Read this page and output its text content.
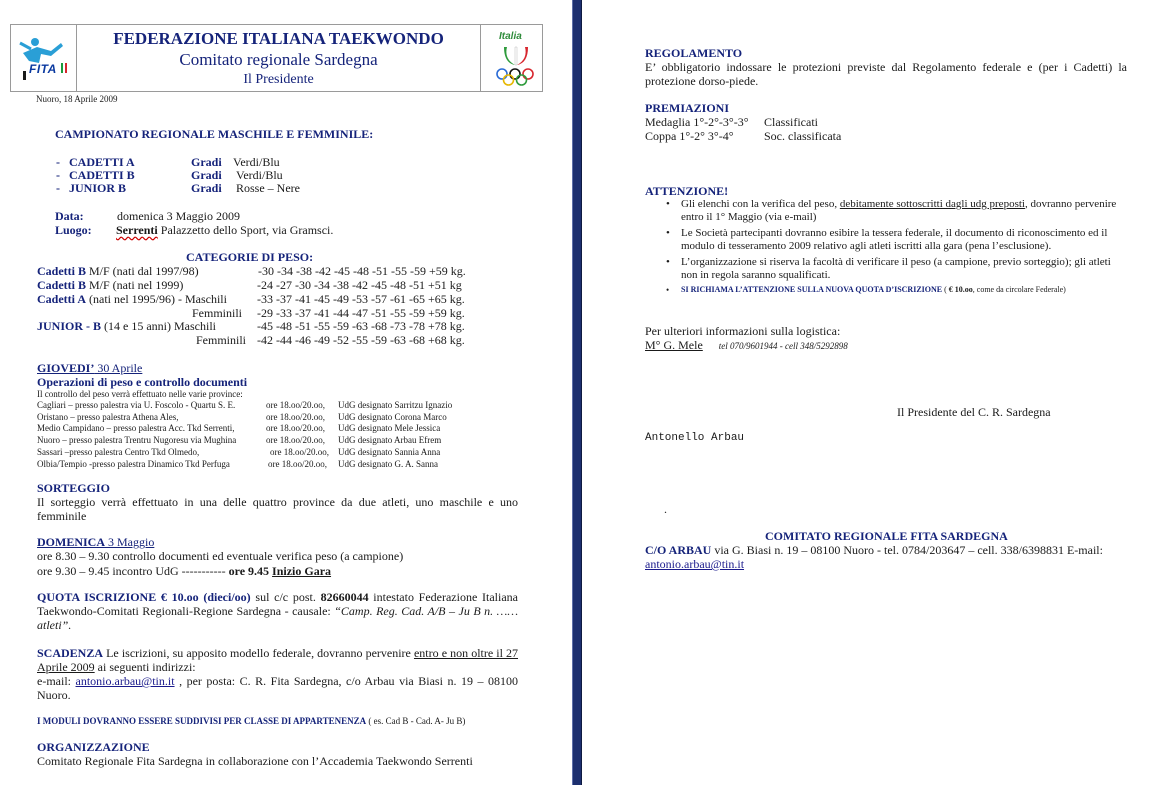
FITA
FEDERAZIONE ITALIANA TAEKWONDO
Comitato regionale Sardegna
Il Presidente
Italia
Nuoro, 18 Aprile 2009
CAMPIONATO REGIONALE MASCHILE E FEMMINILE:
-   CADETTI A	Gradi Verdi/Blu
-   CADETTI B	Gradi Verdi/Blu
-   JUNIOR B	Gradi Rosse – Nere
Data:	domenica 3 Maggio 2009
Luogo: Serrenti Palazzetto dello Sport, via Gramsci.
CATEGORIE DI PESO:
Cadetti B M/F (nati dal 1997/98)	-30 -34 -38 -42 -45 -48 -51 -55 -59 +59 kg.
Cadetti B M/F (nati nel 1999)	-24 -27 -30 -34 -38 -42 -45 -48 -51 +51 kg
Cadetti A (nati nel 1995/96) - Maschili	-33 -37 -41 -45 -49 -53 -57 -61 -65 +65 kg.
Femminili -29 -33 -37 -41 -44 -47 -51 -55 -59 +59 kg.
JUNIOR - B (14 e 15 anni) Maschili	-45 -48 -51 -55 -59 -63 -68 -73 -78 +78 kg.
Femminili -42 -44 -46 -49 -52 -55 -59 -63 -68 +68 kg.
GIOVEDI’ 30 Aprile
Operazioni di peso e controllo documenti
Il controllo del peso verrà effettuato nelle varie province:
Cagliari – presso palestra via U. Foscolo - Quartu S. E.	ore 18.oo/20.oo, UdG designato Sarritzu Ignazio
Oristano – presso palestra Athena Ales,	ore 18.oo/20.oo, UdG designato Corona Marco
Medio Campidano – presso palestra Acc. Tkd Serrenti,	ore 18.oo/20.oo, UdG designato Mele Jessica
Nuoro – presso palestra Trentru Nugoresu via Mughina	ore 18.oo/20.oo, UdG designato Arbau Efrem
Sassari –presso palestra Centro Tkd Olmedo,	ore 18.oo/20.oo, UdG designato Sannia Anna
Olbia/Tempio -presso palestra Dinamico Tkd Perfuga	ore 18.oo/20.oo, UdG designato G. A. Sanna
SORTEGGIO
Il sorteggio verrà effettuato in una delle quattro province da due atleti, uno maschile e uno femminile
DOMENICA 3 Maggio
ore 8.30 – 9.30 controllo documenti ed eventuale verifica peso (a campione)
ore 9.30 – 9.45 incontro UdG ----------- ore 9.45 Inizio Gara
QUOTA ISCRIZIONE € 10.oo (dieci/oo) sul c/c post. 82660044 intestato Federazione Italiana Taekwondo-Comitati Regionali-Regione Sardegna - causale: “Camp. Reg. Cad. A/B – Ju B n. …… atleti”.
SCADENZA Le iscrizioni, su apposito modello federale, dovranno pervenire entro e non oltre il 27 Aprile 2009 ai seguenti indirizzi:
e-mail: antonio.arbau@tin.it , per posta: C. R. Fita Sardegna, c/o Arbau via Biasi n. 19 – 08100 Nuoro.
I MODULI DOVRANNO ESSERE SUDDIVISI PER CLASSE DI APPARTENENZA ( es. Cad B - Cad. A- Ju B)
ORGANIZZAZIONE
Comitato Regionale Fita Sardegna in collaborazione con l’Accademia Taekwondo Serrenti
REGOLAMENTO
E’ obbligatorio indossare le protezioni previste dal Regolamento federale e (per i Cadetti) la protezione dorso-piede.
PREMIAZIONI
Medaglia 1°-2°-3°-3° Classificati
Coppa 1°-2° 3°-4°	Soc. classificata
ATTENZIONE!
• Gli elenchi con la verifica del peso, debitamente sottoscritti dagli udg preposti, dovranno pervenire entro il 1° Maggio (via e-mail)
• Le Società partecipanti dovranno esibire la tessera federale, il documento di riconoscimento ed il modulo di tesseramento 2009 relativo agli atleti iscritti alla gara (pena l’esclusione).
• L’organizzazione si riserva la facoltà di verificare il peso (a campione, previo sorteggio); gli atleti non in regola saranno squalificati.
• SI RICHIAMA L’ATTENZIONE SULLA NUOVA QUOTA D’ISCRIZIONE ( € 10.oo, come da circolare Federale)
Per ulteriori informazioni sulla logistica:
M° G. Mele tel 070/9601944 - cell 348/5292898
Il Presidente del C. R. Sardegna
Antonello Arbau
.
COMITATO REGIONALE FITA SARDEGNA
C/O ARBAU via G. Biasi n. 19 – 08100 Nuoro - tel. 0784/203647 – cell. 338/6398831 E-mail:
antonio.arbau@tin.it
